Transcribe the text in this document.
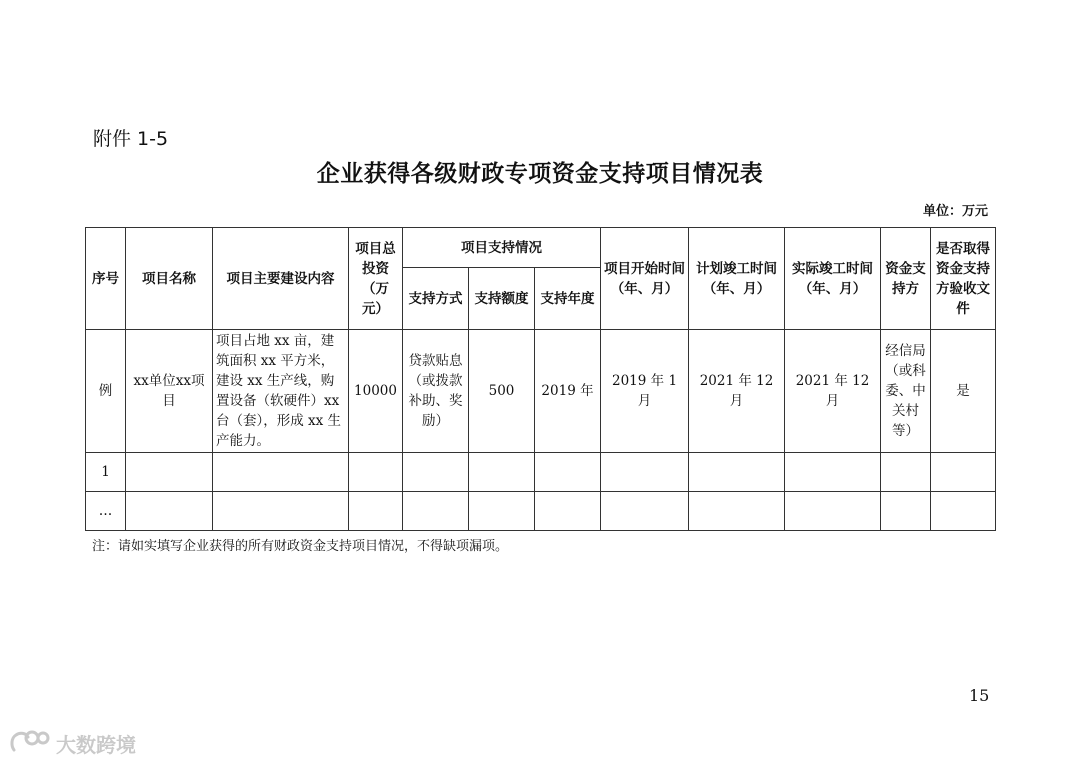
附件 1-5
企业获得各级财政专项资金支持项目情况表
单位：万元
序号	项目名称	项目主要建设内容	项目总投资（万元）	项目支持情况			项目开始时间（年、月）	计划竣工时间（年、月）	实际竣工时间（年、月）	资金支持方	是否取得资金支持方验收文件
				支持方式	支持额度	支持年度					
例	xx单位xx项目	项目占地 xx 亩，建筑面积 xx 平方米，建设 xx 生产线，购置设备（软硬件）xx 台（套），形成 xx 生产能力。	10000	贷款贴息（或拨款补助、奖励）	500	2019 年	2019 年 1 月	2021 年 12 月	2021 年 12 月	经信局（或科委、中关村等）	是
1											
…											
注：请如实填写企业获得的所有财政资金支持项目情况，不得缺项漏项。
15
大数跨境
